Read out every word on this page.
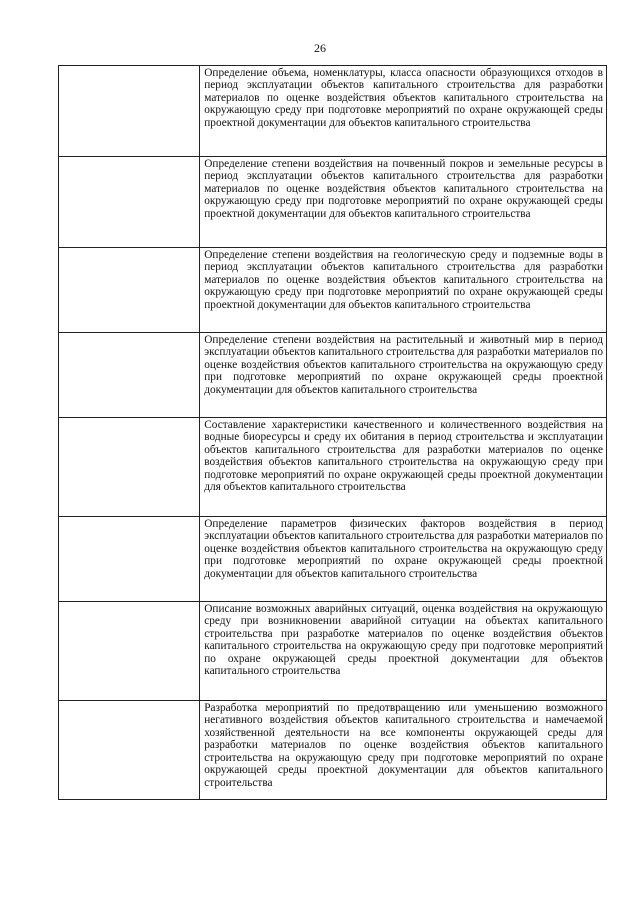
26

	Определение объема, номенклатуры, класса опасности образующихся отходов в период эксплуатации объектов капитального строительства для разработки материалов по оценке воздействия объектов капитального строительства на окружающую среду при подготовке мероприятий по охране окружающей среды проектной документации для объектов капитального строительства

	Определение степени воздействия на почвенный покров и земельные ресурсы в период эксплуатации объектов капитального строительства для разработки материалов по оценке воздействия объектов капитального строительства на окружающую среду при подготовке мероприятий по охране окружающей среды проектной документации для объектов капитального строительства

	Определение степени воздействия на геологическую среду и подземные воды в период эксплуатации объектов капитального строительства для разработки материалов по оценке воздействия объектов капитального строительства на окружающую среду при подготовке мероприятий по охране окружающей среды проектной документации для объектов капитального строительства

	Определение степени воздействия на растительный и животный мир в период эксплуатации объектов капитального строительства для разработки материалов по оценке воздействия объектов капитального строительства на окружающую среду при подготовке мероприятий по охране окружающей среды проектной документации для объектов капитального строительства

	Составление характеристики качественного и количественного воздействия на водные биоресурсы и среду их обитания в период строительства и эксплуатации объектов капитального строительства для разработки материалов по оценке воздействия объектов капитального строительства на окружающую среду при подготовке мероприятий по охране окружающей среды проектной документации для объектов капитального строительства

	Определение параметров физических факторов воздействия в период эксплуатации объектов капитального строительства для разработки материалов по оценке воздействия объектов капитального строительства на окружающую среду при подготовке мероприятий по охране окружающей среды проектной документации для объектов капитального строительства

	Описание возможных аварийных ситуаций, оценка воздействия на окружающую среду при возникновении аварийной ситуации на объектах капитального строительства при разработке материалов по оценке воздействия объектов капитального строительства на окружающую среду при подготовке мероприятий по охране окружающей среды проектной документации для объектов капитального строительства

	Разработка мероприятий по предотвращению или уменьшению возможного негативного воздействия объектов капитального строительства и намечаемой хозяйственной деятельности на все компоненты окружающей среды для разработки материалов по оценке воздействия объектов капитального строительства на окружающую среду при подготовке мероприятий по охране окружающей среды проектной документации для объектов капитального строительства
